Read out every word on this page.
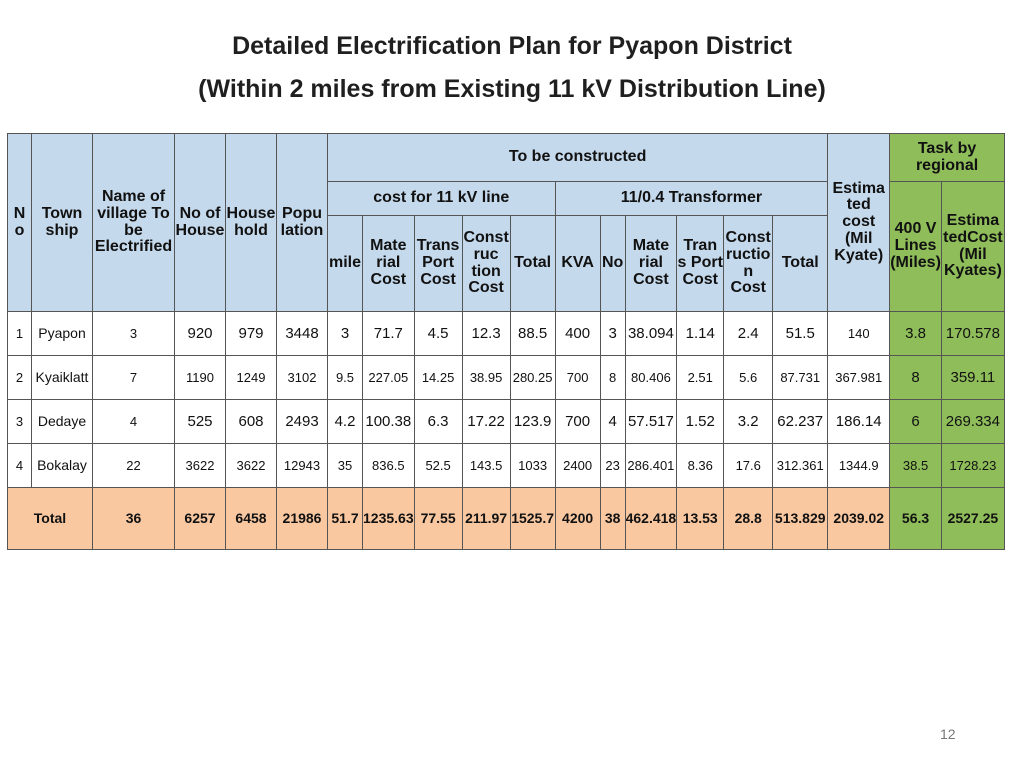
Detailed Electrification Plan for Pyapon District
(Within 2 miles from Existing 11 kV Distribution Line)
N o	Town ship	Name of village To be Electrified	No of House	House hold	Popu lation	To be constructed											Estima ted cost (Mil Kyate)	Task by regional	
						cost for 11 kV line					11/0.4 Transformer							400 V Lines (Miles)	Estima tedCost (Mil Kyates)
						mile	Mate rial Cost	Trans Port Cost	Const ruc tion Cost	Total	KVA	No	Mate rial Cost	Tran s Port Cost	Const ructio n Cost	Total			
1	Pyapon	3	920	979	3448	3	71.7	4.5	12.3	88.5	400	3	38.094	1.14	2.4	51.5	140	3.8	170.578
2	Kyaiklatt	7	1190	1249	3102	9.5	227.05	14.25	38.95	280.25	700	8	80.406	2.51	5.6	87.731	367.981	8	359.11
3	Dedaye	4	525	608	2493	4.2	100.38	6.3	17.22	123.9	700	4	57.517	1.52	3.2	62.237	186.14	6	269.334
4	Bokalay	22	3622	3622	12943	35	836.5	52.5	143.5	1033	2400	23	286.401	8.36	17.6	312.361	1344.9	38.5	1728.23
Total		36	6257	6458	21986	51.7	1235.63	77.55	211.97	1525.7	4200	38	462.418	13.53	28.8	513.829	2039.02	56.3	2527.25
12
